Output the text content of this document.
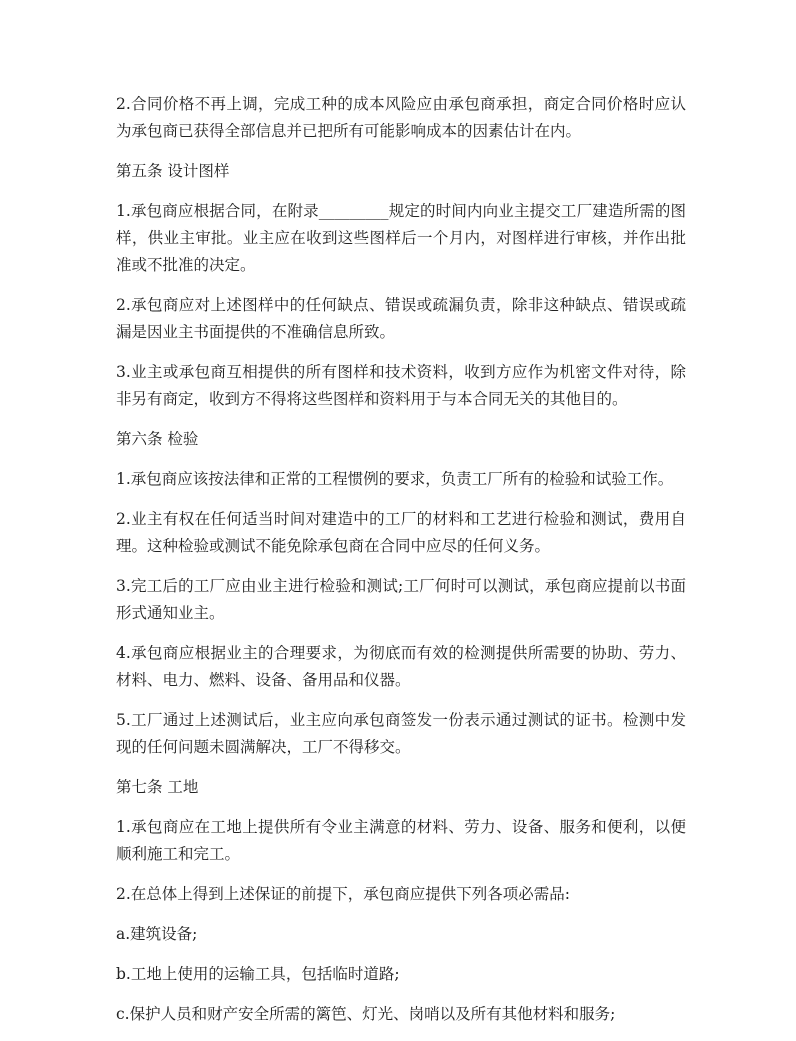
2.合同价格不再上调，完成工种的成本风险应由承包商承担，商定合同价格时应认为承包商已获得全部信息并已把所有可能影响成本的因素估计在内。

第五条 设计图样

1.承包商应根据合同，在附录_________规定的时间内向业主提交工厂建造所需的图样，供业主审批。业主应在收到这些图样后一个月内，对图样进行审核，并作出批准或不批准的决定。

2.承包商应对上述图样中的任何缺点、错误或疏漏负责，除非这种缺点、错误或疏漏是因业主书面提供的不准确信息所致。

3.业主或承包商互相提供的所有图样和技术资料，收到方应作为机密文件对待，除非另有商定，收到方不得将这些图样和资料用于与本合同无关的其他目的。

第六条 检验

1.承包商应该按法律和正常的工程惯例的要求，负责工厂所有的检验和试验工作。

2.业主有权在任何适当时间对建造中的工厂的材料和工艺进行检验和测试，费用自理。这种检验或测试不能免除承包商在合同中应尽的任何义务。

3.完工后的工厂应由业主进行检验和测试;工厂何时可以测试，承包商应提前以书面形式通知业主。

4.承包商应根据业主的合理要求，为彻底而有效的检测提供所需要的协助、劳力、材料、电力、燃料、设备、备用品和仪器。

5.工厂通过上述测试后，业主应向承包商签发一份表示通过测试的证书。检测中发现的任何问题未圆满解决，工厂不得移交。

第七条 工地

1.承包商应在工地上提供所有令业主满意的材料、劳力、设备、服务和便利，以便顺利施工和完工。

2.在总体上得到上述保证的前提下，承包商应提供下列各项必需品:

a.建筑设备;

b.工地上使用的运输工具，包括临时道路;

c.保护人员和财产安全所需的篱笆、灯光、岗哨以及所有其他材料和服务;
